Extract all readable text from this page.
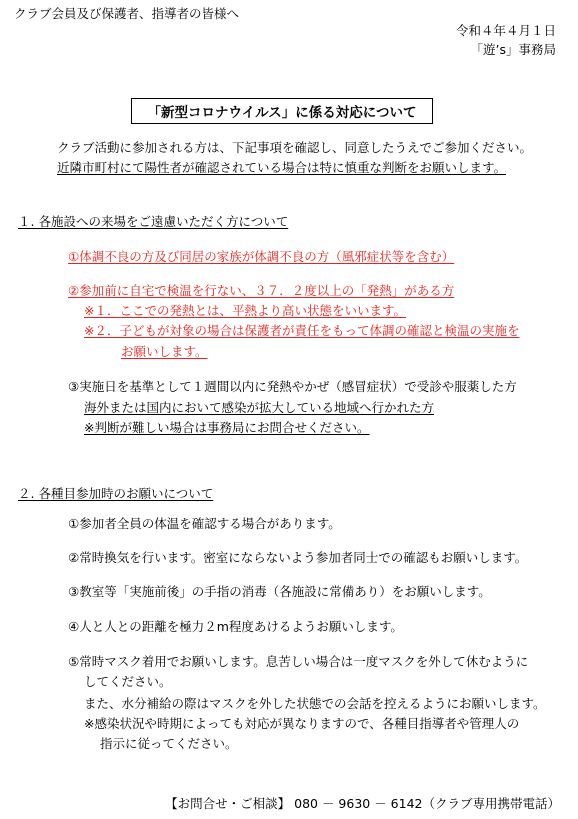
クラブ会員及び保護者、指導者の皆様へ
令和４年４月１日
「遊’s」事務局
「新型コロナウイルス」に係る対応について
クラブ活動に参加される方は、下記事項を確認し、同意したうえでご参加ください。
近隣市町村にて陽性者が確認されている場合は特に慎重な判断をお願いします。
１. 各施設への来場をご遠慮いただく方について
①体調不良の方及び同居の家族が体調不良の方（風邪症状等を含む）
②参加前に自宅で検温を行ない、３７．２度以上の「発熱」がある方
※１．ここでの発熱とは、平熱より高い状態をいいます。
※２．子どもが対象の場合は保護者が責任をもって体調の確認と検温の実施を
お願いします。
③実施日を基準として１週間以内に発熱やかぜ（感冒症状）で受診や服薬した方
海外または国内において感染が拡大している地域へ行かれた方
※判断が難しい場合は事務局にお問合せください。
２. 各種目参加時のお願いについて
①参加者全員の体温を確認する場合があります。
②常時換気を行います。密室にならないよう参加者同士での確認もお願いします。
③教室等「実施前後」の手指の消毒（各施設に常備あり）をお願いします。
④人と人との距離を極力２m程度あけるようお願いします。
⑤常時マスク着用でお願いします。息苦しい場合は一度マスクを外して休むように
してください。
また、水分補給の際はマスクを外した状態での会話を控えるようにお願いします。
※感染状況や時期によっても対応が異なりますので、各種目指導者や管理人の
指示に従ってください。
【お問合せ・ご相談】 080 － 9630 － 6142（クラブ専用携帯電話）
